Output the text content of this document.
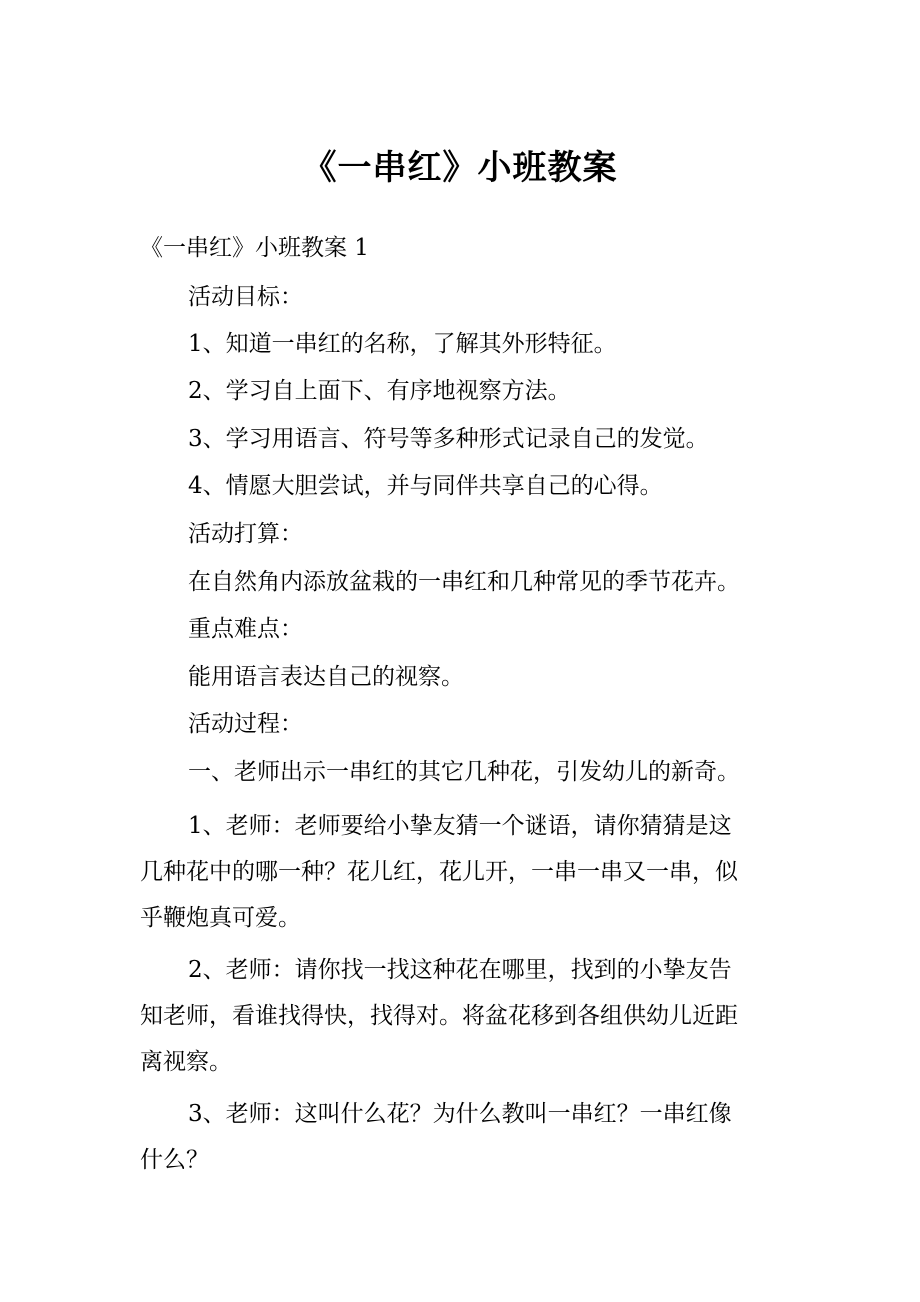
《一串红》小班教案
《一串红》小班教案 1
活动目标：
1、知道一串红的名称，了解其外形特征。
2、学习自上面下、有序地视察方法。
3、学习用语言、符号等多种形式记录自己的发觉。
4、情愿大胆尝试，并与同伴共享自己的心得。
活动打算：
在自然角内添放盆栽的一串红和几种常见的季节花卉。
重点难点：
能用语言表达自己的视察。
活动过程：
一、老师出示一串红的其它几种花，引发幼儿的新奇。
1、老师：老师要给小挚友猜一个谜语，请你猜猜是这
几种花中的哪一种？花儿红，花儿开，一串一串又一串，似
乎鞭炮真可爱。
2、老师：请你找一找这种花在哪里，找到的小挚友告
知老师，看谁找得快，找得对。将盆花移到各组供幼儿近距
离视察。
3、老师：这叫什么花？为什么教叫一串红？一串红像
什么？
